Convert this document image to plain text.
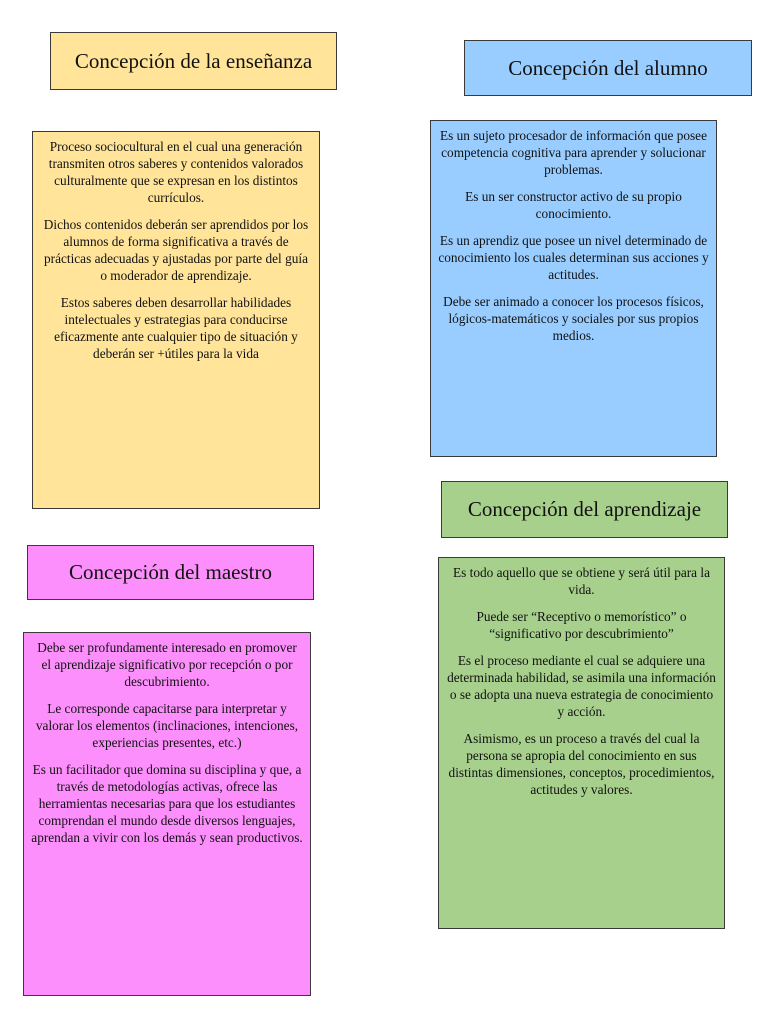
Concepción de la enseñanza	Concepción del alumno
Concepción del aprendizaje
Concepción del maestro

Proceso sociocultural en el cual una generación transmiten otros saberes y contenidos valorados culturalmente que se expresan en los distintos currículos.

Dichos contenidos deberán ser aprendidos por los alumnos de forma significativa a través de prácticas adecuadas y ajustadas por parte del guía o moderador de aprendizaje.

Estos saberes deben desarrollar habilidades intelectuales y estrategias para conducirse eficazmente ante cualquier tipo de situación y deberán ser +útiles para la vida

Es un sujeto procesador de información que posee competencia cognitiva para aprender y solucionar problemas.

Es un ser constructor activo de su propio conocimiento.

Es un aprendiz que posee un nivel determinado de conocimiento los cuales determinan sus acciones y actitudes.

Debe ser animado a conocer los procesos físicos, lógicos-matemáticos y sociales por sus propios medios.

Es todo aquello que se obtiene y será útil para la vida.

Puede ser “Receptivo o memorístico” o “significativo por descubrimiento”

Es el proceso mediante el cual se adquiere una determinada habilidad, se asimila una información o se adopta una nueva estrategia de conocimiento y acción.

Asimismo, es un proceso a través del cual la persona se apropia del conocimiento en sus distintas dimensiones, conceptos, procedimientos, actitudes y valores.

Debe ser profundamente interesado en promover el aprendizaje significativo por recepción o por descubrimiento.

Le corresponde capacitarse para interpretar y valorar los elementos (inclinaciones, intenciones, experiencias presentes, etc.)

Es un facilitador que domina su disciplina y que, a través de metodologías activas, ofrece las herramientas necesarias para que los estudiantes comprendan el mundo desde diversos lenguajes, aprendan a vivir con los demás y sean productivos.
